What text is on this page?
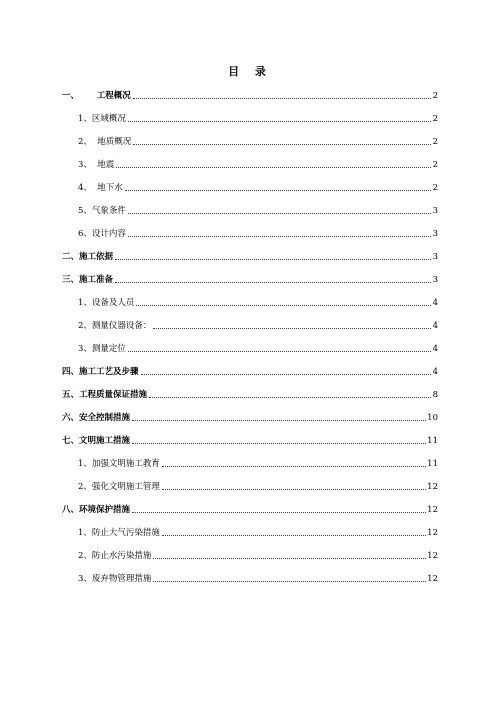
目 录
一、      工程概况	2
1、区域概况	2
2、  地质概况	2
3、  地震	2
4、  地下水	2
5、气象条件	3
6、设计内容	3
二、施工依据	3
三、施工准备	3
1、设备及人员	4
2、测量仪器设备：	4
3、测量定位	4
四、施工工艺及步骤	4
五、工程质量保证措施	8
六、安全控制措施	10
七、文明施工措施	11
1、加强文明施工教育	11
2、强化文明施工管理	12
八、环境保护措施	12
1、防止大气污染措施	12
2、防止水污染措施	12
3、废弃物管理措施	12
